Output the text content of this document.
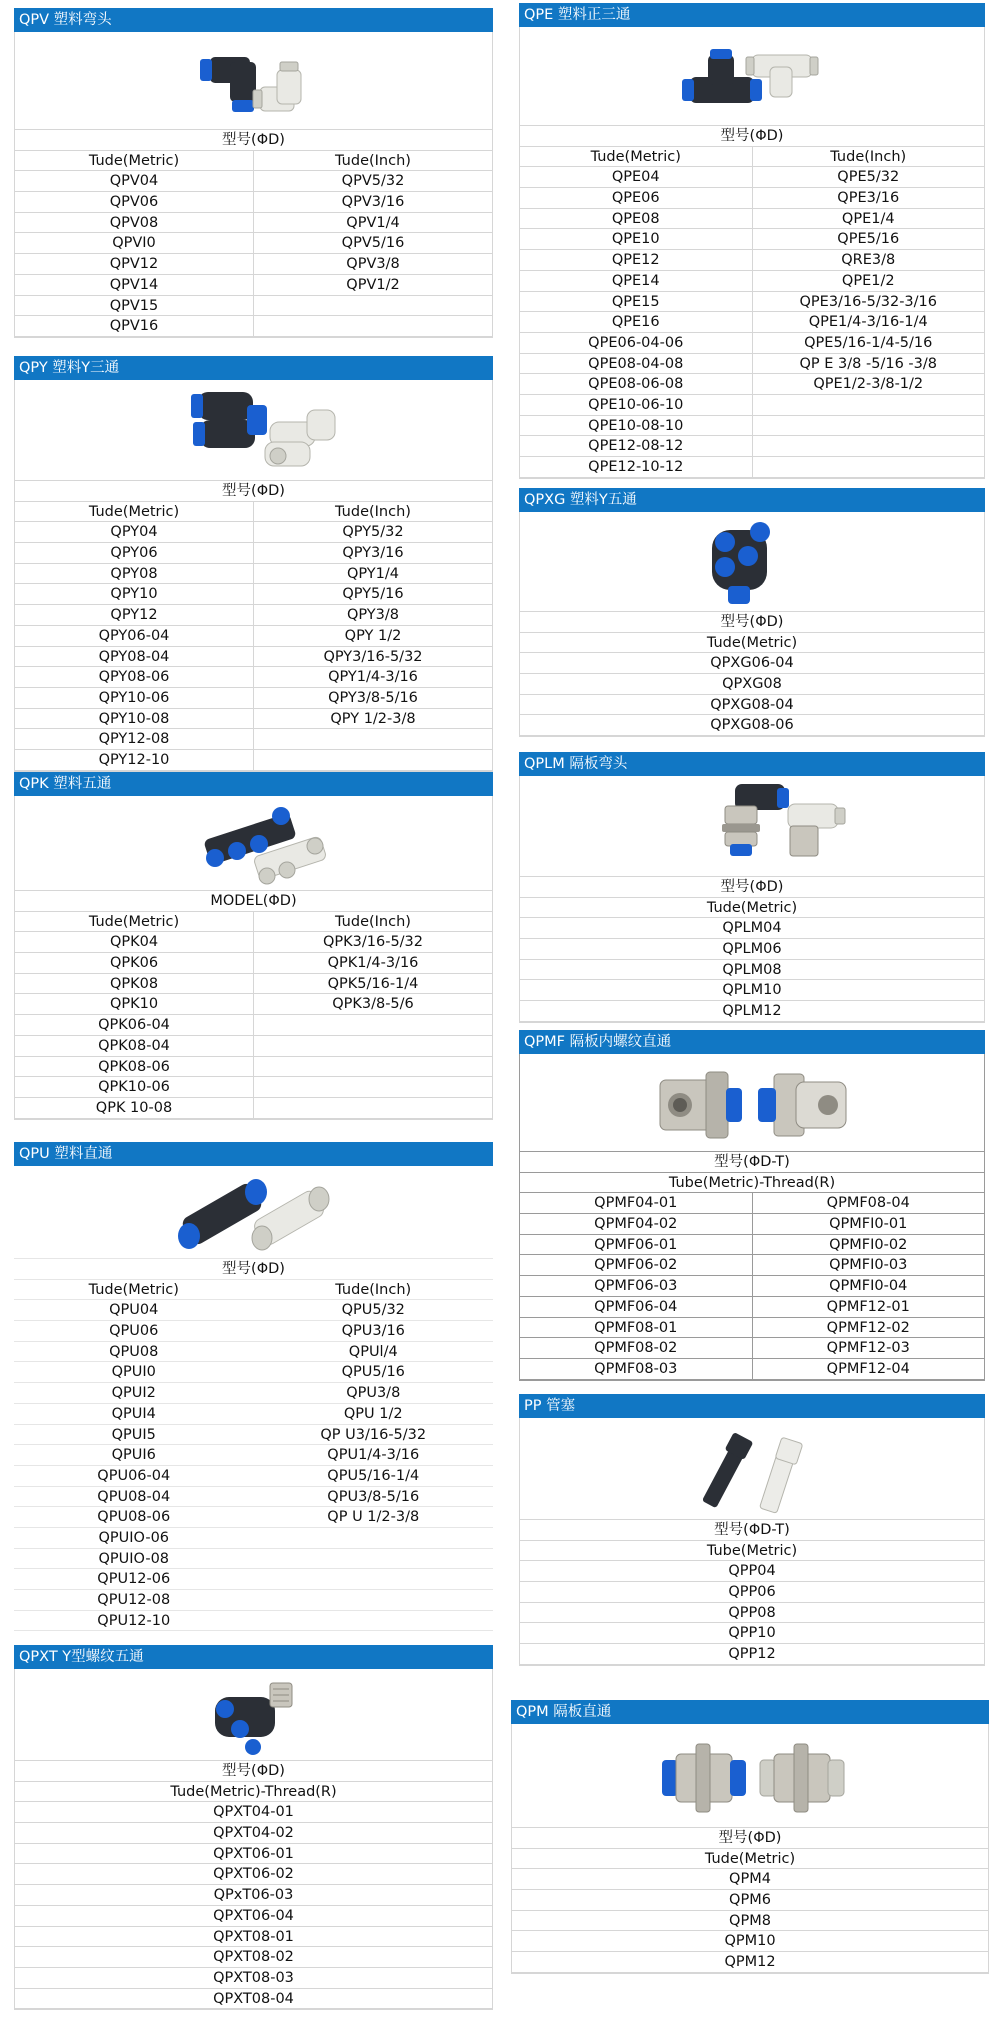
QPV 塑料弯头
型号(ΦD)
Tude(Metric)	Tude(Inch)
QPV04	QPV5/32
QPV06	QPV3/16
QPV08	QPV1/4
QPVI0	QPV5/16
QPV12	QPV3/8
QPV14	QPV1/2
QPV15
QPV16
QPY 塑料Y三通
型号(ΦD)
Tude(Metric)	Tude(Inch)
QPY04	QPY5/32
QPY06	QPY3/16
QPY08	QPY1/4
QPY10	QPY5/16
QPY12	QPY3/8
QPY06-04	QPY 1/2
QPY08-04	QPY3/16-5/32
QPY08-06	QPY1/4-3/16
QPY10-06	QPY3/8-5/16
QPY10-08	QPY 1/2-3/8
QPY12-08
QPY12-10
QPK 塑料五通
MODEL(ΦD)
Tude(Metric)	Tude(Inch)
QPK04	QPK3/16-5/32
QPK06	QPK1/4-3/16
QPK08	QPK5/16-1/4
QPK10	QPK3/8-5/6
QPK06-04
QPK08-04
QPK08-06
QPK10-06
QPK 10-08
QPU 塑料直通
型号(ΦD)
Tude(Metric)	Tude(Inch)
QPU04	QPU5/32
QPU06	QPU3/16
QPU08	QPUl/4
QPUI0	QPU5/16
QPUI2	QPU3/8
QPUI4	QPU 1/2
QPUI5	QP U3/16-5/32
QPUI6	QPU1/4-3/16
QPU06-04	QPU5/16-1/4
QPU08-04	QPU3/8-5/16
QPU08-06	QP U 1/2-3/8
QPUIO-06
QPUIO-08
QPU12-06
QPU12-08
QPU12-10
QPXT Y型螺纹五通
型号(ΦD)
Tude(Metric)-Thread(R)
QPXT04-01
QPXT04-02
QPXT06-01
QPXT06-02
QPxT06-03
QPXT06-04
QPXT08-01
QPXT08-02
QPXT08-03
QPXT08-04
QPE 塑料正三通
型号(ΦD)
Tude(Metric)	Tude(Inch)
QPE04	QPE5/32
QPE06	QPE3/16
QPE08	QPE1/4
QPE10	QPE5/16
QPE12	QRE3/8
QPE14	QPE1/2
QPE15	QPE3/16-5/32-3/16
QPE16	QPE1/4-3/16-1/4
QPE06-04-06	QPE5/16-1/4-5/16
QPE08-04-08	QP E 3/8 -5/16 -3/8
QPE08-06-08	QPE1/2-3/8-1/2
QPE10-06-10
QPE10-08-10
QPE12-08-12
QPE12-10-12
QPXG 塑料Y五通
型号(ΦD)
Tude(Metric)
QPXG06-04
QPXG08
QPXG08-04
QPXG08-06
QPLM 隔板弯头
型号(ΦD)
Tude(Metric)
QPLM04
QPLM06
QPLM08
QPLM10
QPLM12
QPMF 隔板内螺纹直通
型号(ΦD-T)
Tube(Metric)-Thread(R)
QPMF04-01	QPMF08-04
QPMF04-02	QPMFI0-01
QPMF06-01	QPMFI0-02
QPMF06-02	QPMFI0-03
QPMF06-03	QPMFI0-04
QPMF06-04	QPMF12-01
QPMF08-01	QPMF12-02
QPMF08-02	QPMF12-03
QPMF08-03	QPMF12-04
PP 管塞
型号(ΦD-T)
Tube(Metric)
QPP04
QPP06
QPP08
QPP10
QPP12
QPM 隔板直通
型号(ΦD)
Tude(Metric)
QPM4
QPM6
QPM8
QPM10
QPM12
